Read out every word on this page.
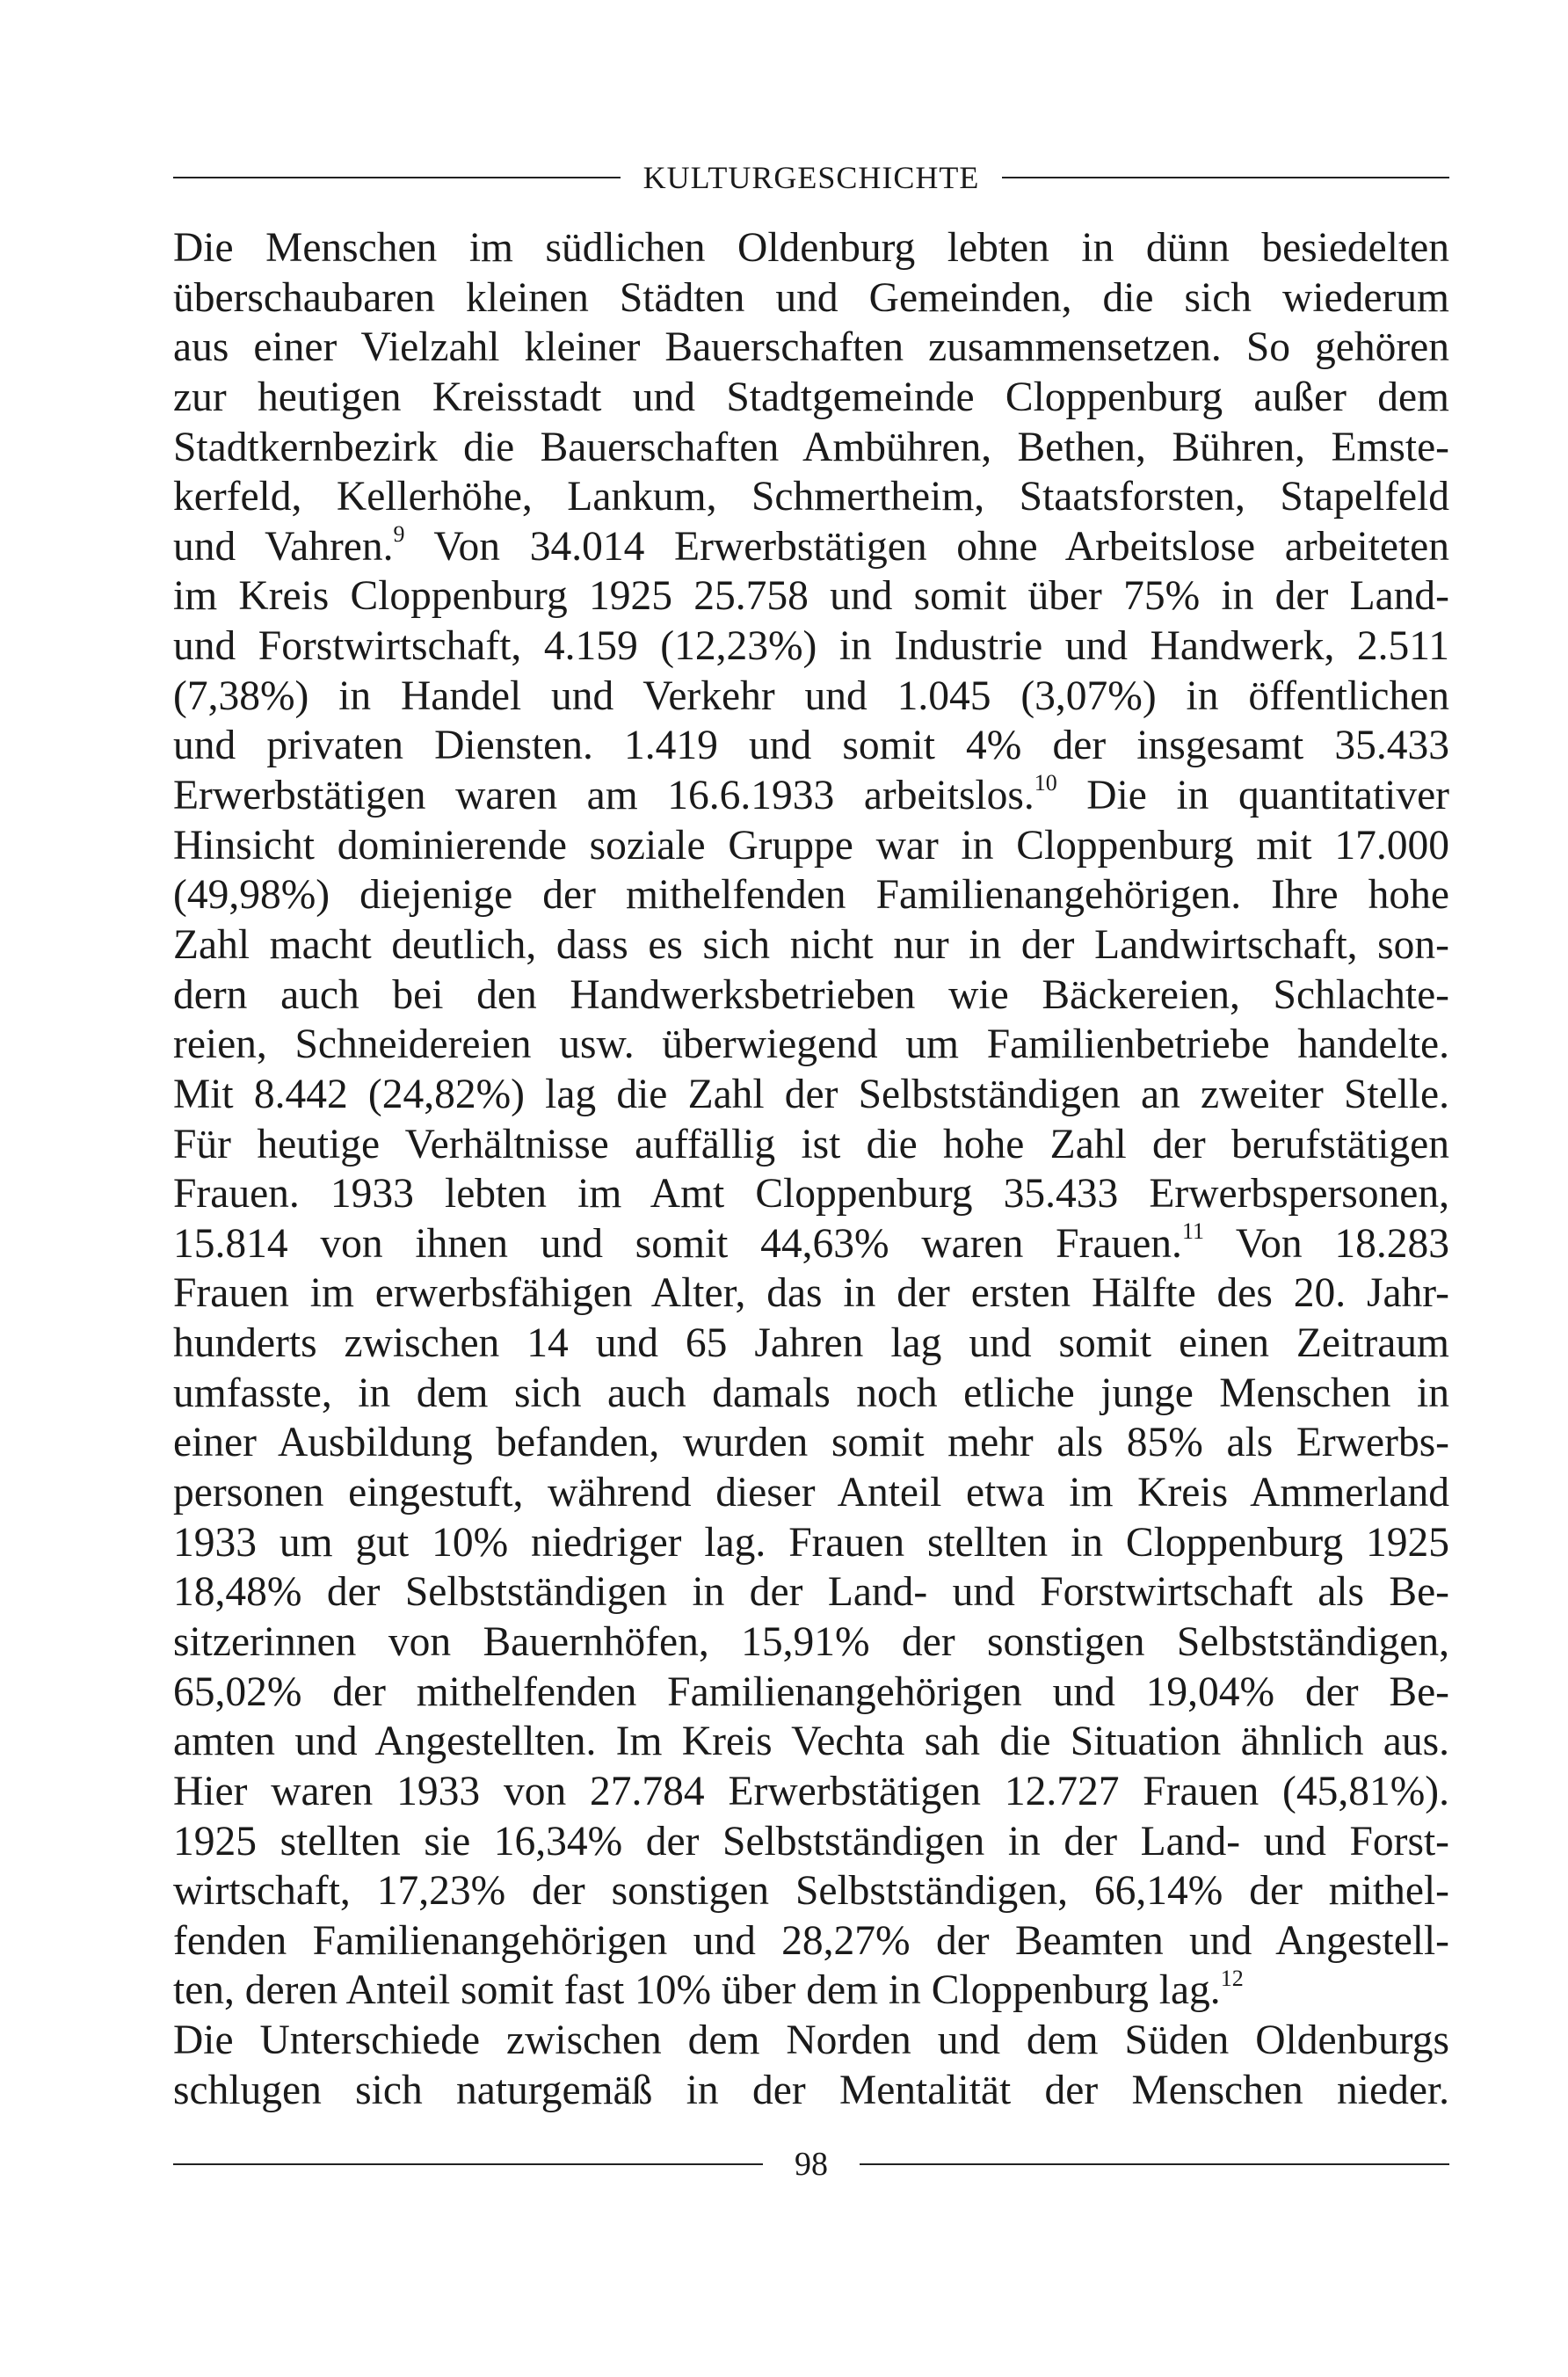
KULTURGESCHICHTE
Die Menschen im südlichen Oldenburg lebten in dünn besiedelten
überschaubaren kleinen Städten und Gemeinden, die sich wiederum
aus einer Vielzahl kleiner Bauerschaften zusammensetzen. So gehören
zur heutigen Kreisstadt und Stadtgemeinde Cloppenburg außer dem
Stadtkernbezirk die Bauerschaften Ambühren, Bethen, Bühren, Emste-
kerfeld, Kellerhöhe, Lankum, Schmertheim, Staatsforsten, Stapelfeld
und Vahren.$^9$ Von 34.014 Erwerbstätigen ohne Arbeitslose arbeiteten
im Kreis Cloppenburg 1925 25.758 und somit über 75% in der Land-
und Forstwirtschaft, 4.159 (12,23%) in Industrie und Handwerk, 2.511
(7,38%) in Handel und Verkehr und 1.045 (3,07%) in öffentlichen
und privaten Diensten. 1.419 und somit 4% der insgesamt 35.433
Erwerbstätigen waren am 16.6.1933 arbeitslos.$^{10}$ Die in quantitativer
Hinsicht dominierende soziale Gruppe war in Cloppenburg mit 17.000
(49,98%) diejenige der mithelfenden Familienangehörigen. Ihre hohe
Zahl macht deutlich, dass es sich nicht nur in der Landwirtschaft, son-
dern auch bei den Handwerksbetrieben wie Bäckereien, Schlachte-
reien, Schneidereien usw. überwiegend um Familienbetriebe handelte.
Mit 8.442 (24,82%) lag die Zahl der Selbstständigen an zweiter Stelle.
Für heutige Verhältnisse auffällig ist die hohe Zahl der berufstätigen
Frauen. 1933 lebten im Amt Cloppenburg 35.433 Erwerbspersonen,
15.814 von ihnen und somit 44,63% waren Frauen.$^{11}$ Von 18.283
Frauen im erwerbsfähigen Alter, das in der ersten Hälfte des 20. Jahr-
hunderts zwischen 14 und 65 Jahren lag und somit einen Zeitraum
umfasste, in dem sich auch damals noch etliche junge Menschen in
einer Ausbildung befanden, wurden somit mehr als 85% als Erwerbs-
personen eingestuft, während dieser Anteil etwa im Kreis Ammerland
1933 um gut 10% niedriger lag. Frauen stellten in Cloppenburg 1925
18,48% der Selbstständigen in der Land- und Forstwirtschaft als Be-
sitzerinnen von Bauernhöfen, 15,91% der sonstigen Selbstständigen,
65,02% der mithelfenden Familienangehörigen und 19,04% der Be-
amten und Angestellten. Im Kreis Vechta sah die Situation ähnlich aus.
Hier waren 1933 von 27.784 Erwerbstätigen 12.727 Frauen (45,81%).
1925 stellten sie 16,34% der Selbstständigen in der Land- und Forst-
wirtschaft, 17,23% der sonstigen Selbstständigen, 66,14% der mithel-
fenden Familienangehörigen und 28,27% der Beamten und Angestell-
ten, deren Anteil somit fast 10% über dem in Cloppenburg lag.$^{12}$
Die Unterschiede zwischen dem Norden und dem Süden Oldenburgs
schlugen sich naturgemäß in der Mentalität der Menschen nieder.
98
